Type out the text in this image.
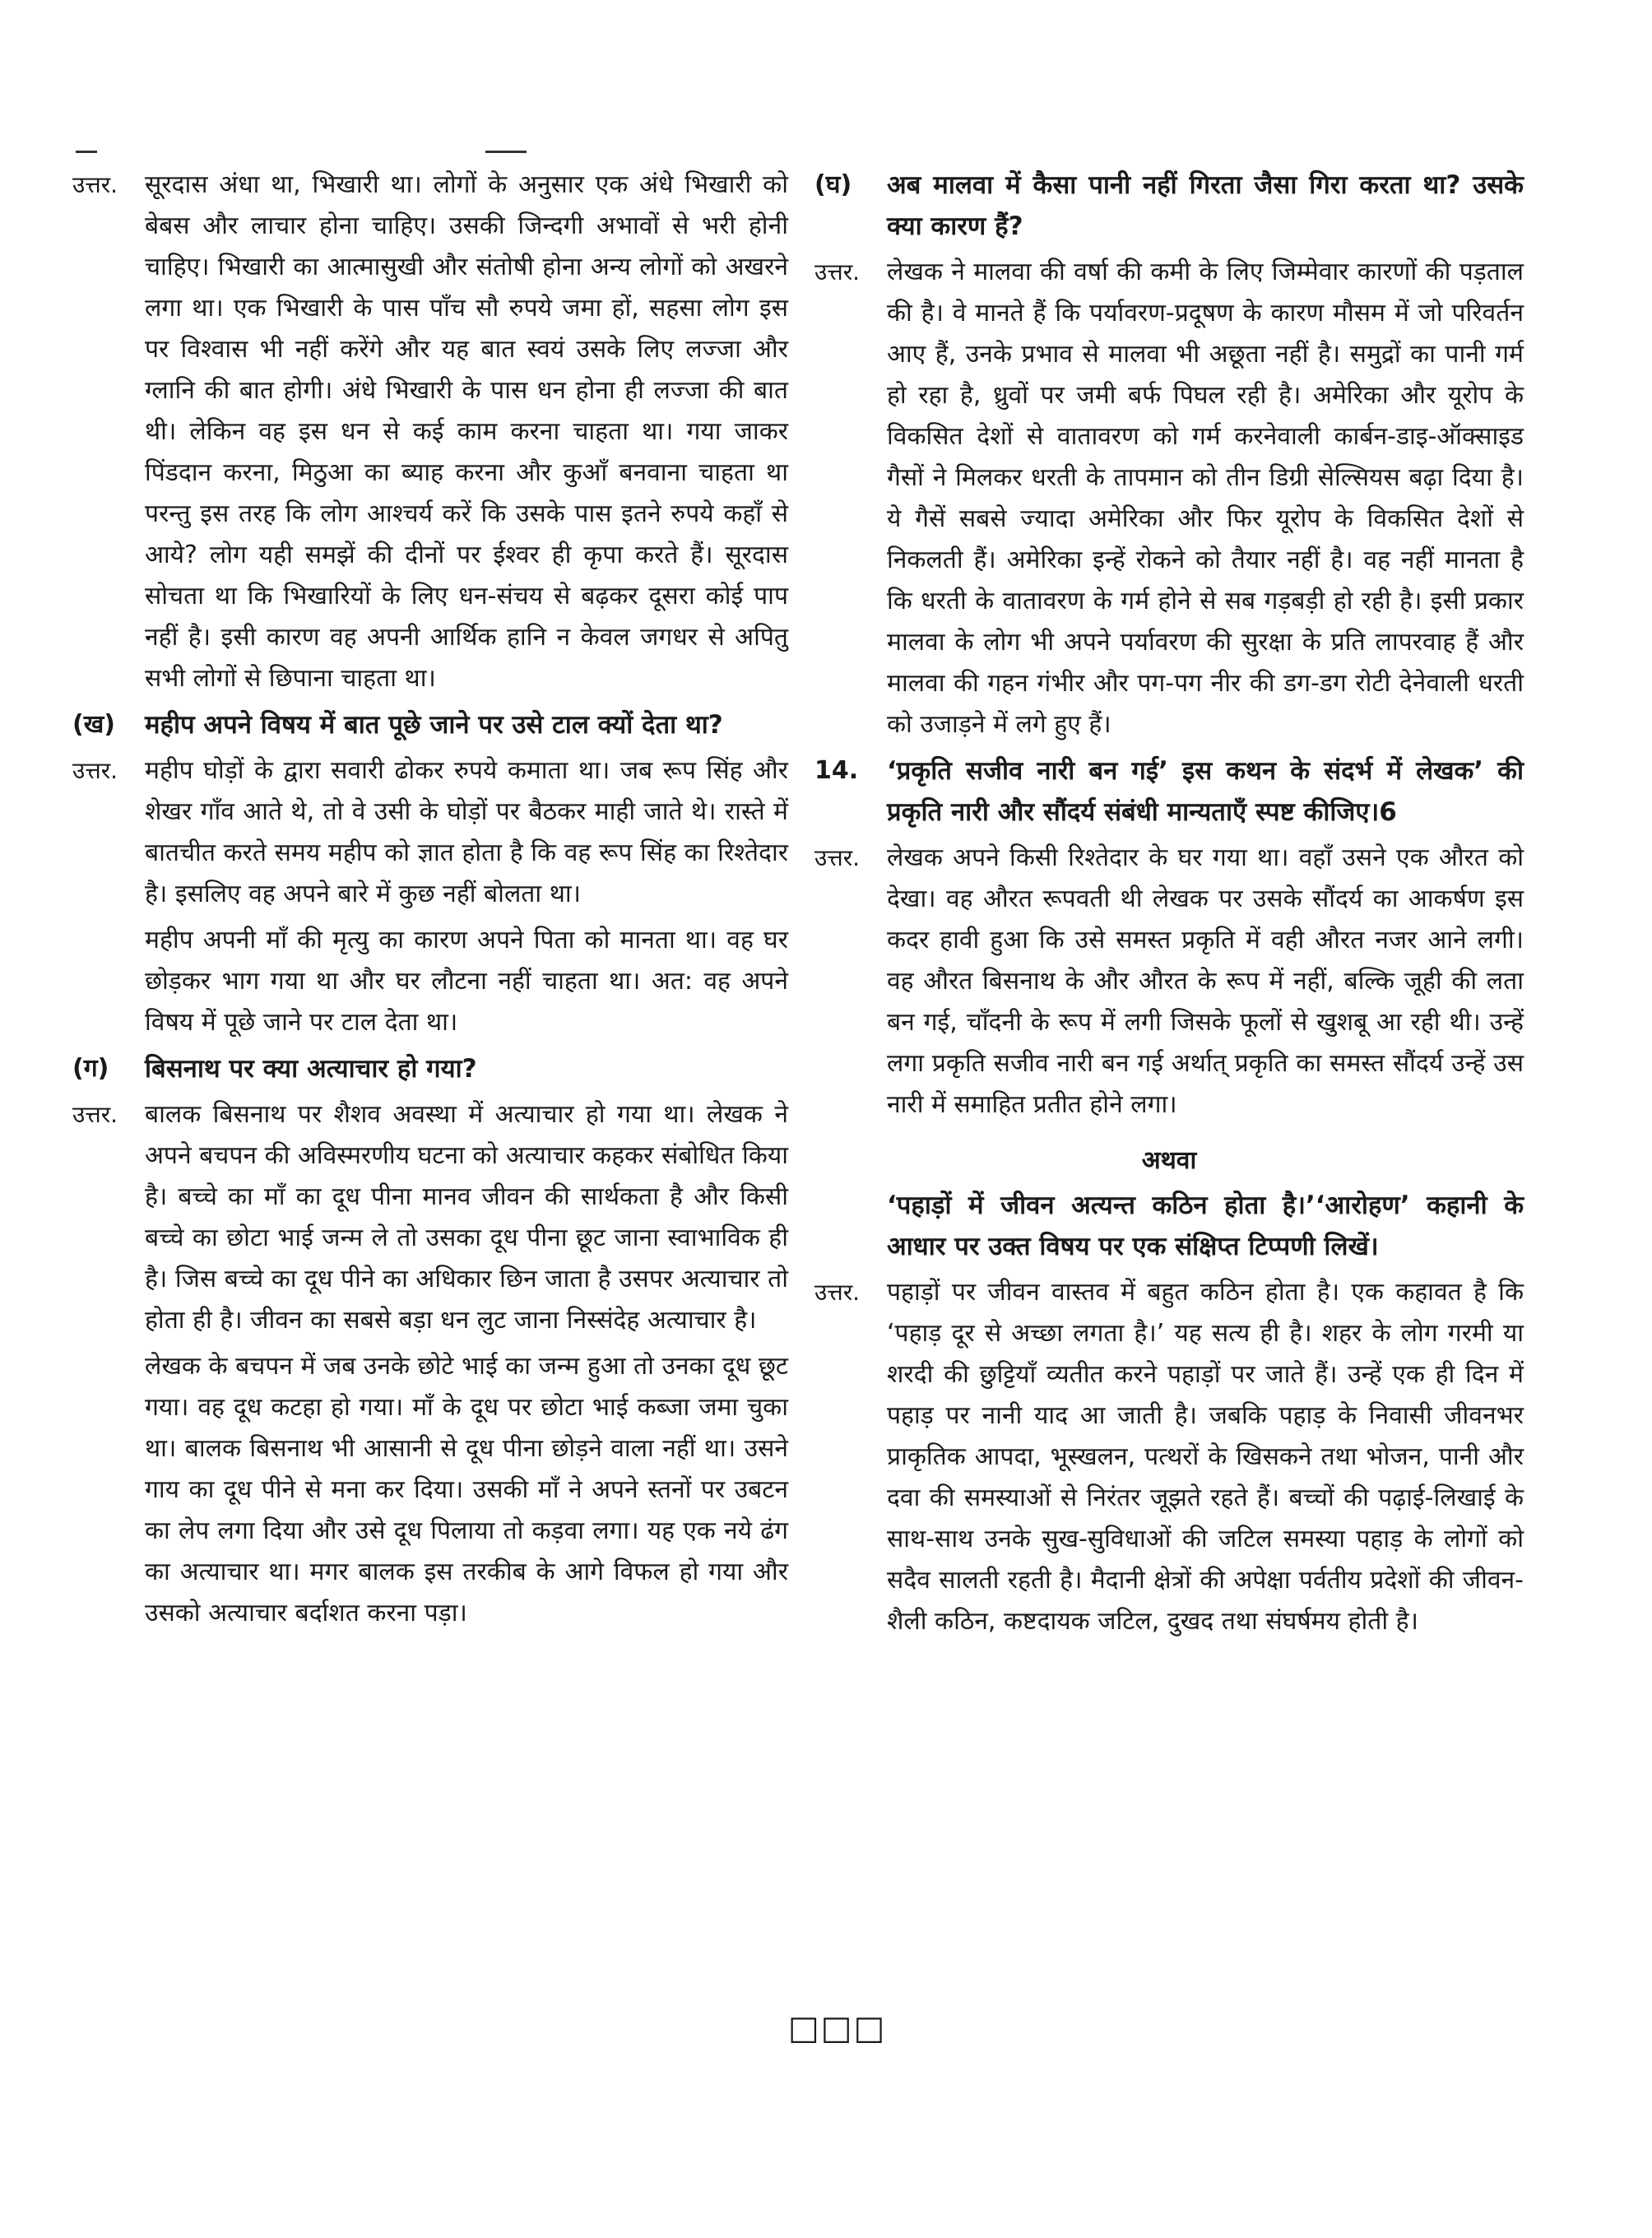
उत्तर.	सूरदास अंधा था, भिखारी था। लोगों के अनुसार एक अंधे भिखारी को बेबस और लाचार होना चाहिए। उसकी जिन्दगी अभावों से भरी होनी चाहिए। भिखारी का आत्मासुखी और संतोषी होना अन्य लोगों को अखरने लगा था। एक भिखारी के पास पाँच सौ रुपये जमा हों, सहसा लोग इस पर विश्वास भी नहीं करेंगे और यह बात स्वयं उसके लिए लज्जा और ग्लानि की बात होगी। अंधे भिखारी के पास धन होना ही लज्जा की बात थी। लेकिन वह इस धन से कई काम करना चाहता था। गया जाकर पिंडदान करना, मिठुआ का ब्याह करना और कुआँ बनवाना चाहता था परन्तु इस तरह कि लोग आश्चर्य करें कि उसके पास इतने रुपये कहाँ से आये? लोग यही समझें की दीनों पर ईश्वर ही कृपा करते हैं। सूरदास सोचता था कि भिखारियों के लिए धन-संचय से बढ़कर दूसरा कोई पाप नहीं है। इसी कारण वह अपनी आर्थिक हानि न केवल जगधर से अपितु सभी लोगों से छिपाना चाहता था।

(ख)	महीप अपने विषय में बात पूछे जाने पर उसे टाल क्यों देता था?

उत्तर.	महीप घोड़ों के द्वारा सवारी ढोकर रुपये कमाता था। जब रूप सिंह और शेखर गाँव आते थे, तो वे उसी के घोड़ों पर बैठकर माही जाते थे। रास्ते में बातचीत करते समय महीप को ज्ञात होता है कि वह रूप सिंह का रिश्तेदार है। इसलिए वह अपने बारे में कुछ नहीं बोलता था।

महीप अपनी माँ की मृत्यु का कारण अपने पिता को मानता था। वह घर छोड़कर भाग गया था और घर लौटना नहीं चाहता था। अत: वह अपने विषय में पूछे जाने पर टाल देता था।

(ग)	बिसनाथ पर क्या अत्याचार हो गया?

उत्तर.	बालक बिसनाथ पर शैशव अवस्था में अत्याचार हो गया था। लेखक ने अपने बचपन की अविस्मरणीय घटना को अत्याचार कहकर संबोधित किया है। बच्चे का माँ का दूध पीना मानव जीवन की सार्थकता है और किसी बच्चे का छोटा भाई जन्म ले तो उसका दूध पीना छूट जाना स्वाभाविक ही है। जिस बच्चे का दूध पीने का अधिकार छिन जाता है उसपर अत्याचार तो होता ही है। जीवन का सबसे बड़ा धन लुट जाना निस्संदेह अत्याचार है।

लेखक के बचपन में जब उनके छोटे भाई का जन्म हुआ तो उनका दूध छूट गया। वह दूध कटहा हो गया। माँ के दूध पर छोटा भाई कब्जा जमा चुका था। बालक बिसनाथ भी आसानी से दूध पीना छोड़ने वाला नहीं था। उसने गाय का दूध पीने से मना कर दिया। उसकी माँ ने अपने स्तनों पर उबटन का लेप लगा दिया और उसे दूध पिलाया तो कड़वा लगा। यह एक नये ढंग का अत्याचार था। मगर बालक इस तरकीब के आगे विफल हो गया और उसको अत्याचार बर्दाशत करना पड़ा।

(घ)	अब मालवा में कैसा पानी नहीं गिरता जैसा गिरा करता था? उसके क्या कारण हैं?

उत्तर.	लेखक ने मालवा की वर्षा की कमी के लिए जिम्मेवार कारणों की पड़ताल की है। वे मानते हैं कि पर्यावरण-प्रदूषण के कारण मौसम में जो परिवर्तन आए हैं, उनके प्रभाव से मालवा भी अछूता नहीं है। समुद्रों का पानी गर्म हो रहा है, ध्रुवों पर जमी बर्फ पिघल रही है। अमेरिका और यूरोप के विकसित देशों से वातावरण को गर्म करनेवाली कार्बन-डाइ-ऑक्साइड गैसों ने मिलकर धरती के तापमान को तीन डिग्री सेल्सियस बढ़ा दिया है। ये गैसें सबसे ज्यादा अमेरिका और फिर यूरोप के विकसित देशों से निकलती हैं। अमेरिका इन्हें रोकने को तैयार नहीं है। वह नहीं मानता है कि धरती के वातावरण के गर्म होने से सब गड़बड़ी हो रही है। इसी प्रकार मालवा के लोग भी अपने पर्यावरण की सुरक्षा के प्रति लापरवाह हैं और मालवा की गहन गंभीर और पग-पग नीर की डग-डग रोटी देनेवाली धरती को उजाड़ने में लगे हुए हैं।

14.	‘प्रकृति सजीव नारी बन गई’ इस कथन के संदर्भ में लेखक’ की प्रकृति नारी और सौंदर्य संबंधी मान्यताएँ स्पष्ट कीजिए।6

उत्तर.	लेखक अपने किसी रिश्तेदार के घर गया था। वहाँ उसने एक औरत को देखा। वह औरत रूपवती थी लेखक पर उसके सौंदर्य का आकर्षण इस कदर हावी हुआ कि उसे समस्त प्रकृति में वही औरत नजर आने लगी। वह औरत बिसनाथ के और औरत के रूप में नहीं, बल्कि जूही की लता बन गई, चाँदनी के रूप में लगी जिसके फूलों से खुशबू आ रही थी। उन्हें लगा प्रकृति सजीव नारी बन गई अर्थात् प्रकृति का समस्त सौंदर्य उन्हें उस नारी में समाहित प्रतीत होने लगा।

अथवा

‘पहाड़ों में जीवन अत्यन्त कठिन होता है।’‘आरोहण’ कहानी के आधार पर उक्त विषय पर एक संक्षिप्त टिप्पणी लिखें।

उत्तर.	पहाड़ों पर जीवन वास्तव में बहुत कठिन होता है। एक कहावत है कि ‘पहाड़ दूर से अच्छा लगता है।’ यह सत्य ही है। शहर के लोग गरमी या शरदी की छुट्टियाँ व्यतीत करने पहाड़ों पर जाते हैं। उन्हें एक ही दिन में पहाड़ पर नानी याद आ जाती है। जबकि पहाड़ के निवासी जीवनभर प्राकृतिक आपदा, भूस्खलन, पत्थरों के खिसकने तथा भोजन, पानी और दवा की समस्याओं से निरंतर जूझते रहते हैं। बच्चों की पढ़ाई-लिखाई के साथ-साथ उनके सुख-सुविधाओं की जटिल समस्या पहाड़ के लोगों को सदैव सालती रहती है। मैदानी क्षेत्रों की अपेक्षा पर्वतीय प्रदेशों की जीवन-शैली कठिन, कष्टदायक जटिल, दुखद तथा संघर्षमय होती है।

□□□
